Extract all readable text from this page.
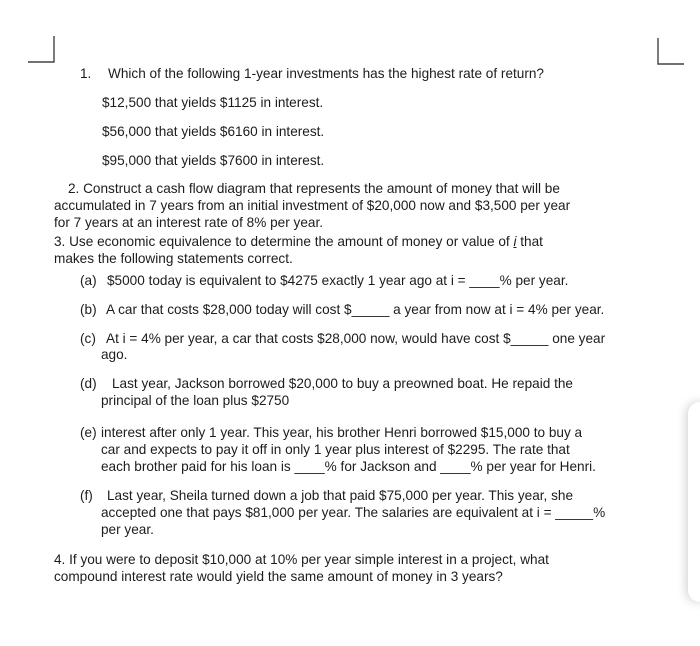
1. Which of the following 1-year investments has the highest rate of return?
$12,500 that yields $1125 in interest.
$56,000 that yields $6160 in interest.
$95,000 that yields $7600 in interest.
2. Construct a cash flow diagram that represents the amount of money that will be
accumulated in 7 years from an initial investment of $20,000 now and $3,500 per year
for 7 years at an interest rate of 8% per year.
3. Use economic equivalence to determine the amount of money or value of i that
makes the following statements correct.
(a) $5000 today is equivalent to $4275 exactly 1 year ago at i = ____% per year.
(b) A car that costs $28,000 today will cost $_____ a year from now at i = 4% per year.
(c) At i = 4% per year, a car that costs $28,000 now, would have cost $_____ one year
ago.
(d) Last year, Jackson borrowed $20,000 to buy a preowned boat. He repaid the
principal of the loan plus $2750
(e) interest after only 1 year. This year, his brother Henri borrowed $15,000 to buy a
car and expects to pay it off in only 1 year plus interest of $2295. The rate that
each brother paid for his loan is ____% for Jackson and ____% per year for Henri.
(f) Last year, Sheila turned down a job that paid $75,000 per year. This year, she
accepted one that pays $81,000 per year. The salaries are equivalent at i = _____%
per year.
4. If you were to deposit $10,000 at 10% per year simple interest in a project, what
compound interest rate would yield the same amount of money in 3 years?
